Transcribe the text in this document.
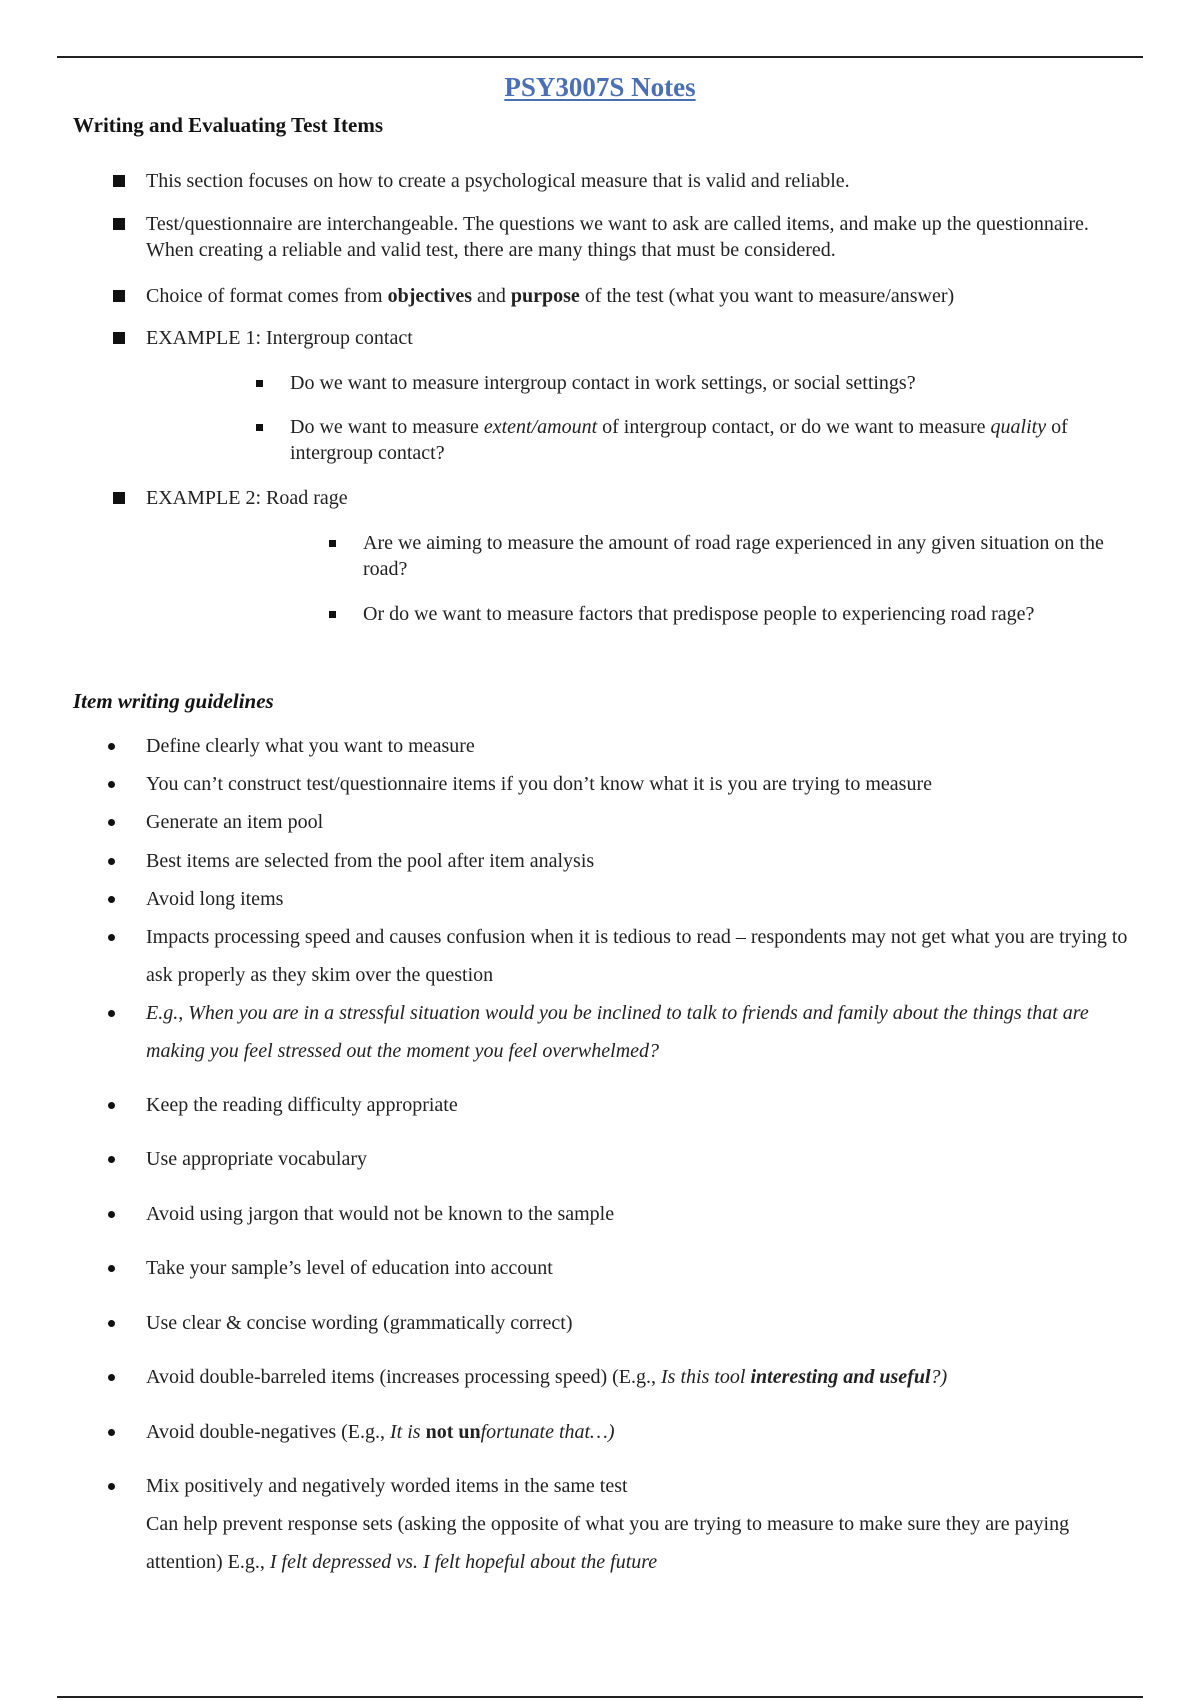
PSY3007S Notes
Writing and Evaluating Test Items
This section focuses on how to create a psychological measure that is valid and reliable.
Test/questionnaire are interchangeable. The questions we want to ask are called items, and make up the questionnaire. When creating a reliable and valid test, there are many things that must be considered.
Choice of format comes from objectives and purpose of the test (what you want to measure/answer)
EXAMPLE 1: Intergroup contact
Do we want to measure intergroup contact in work settings, or social settings?
Do we want to measure extent/amount of intergroup contact, or do we want to measure quality of intergroup contact?
EXAMPLE 2: Road rage
Are we aiming to measure the amount of road rage experienced in any given situation on the road?
Or do we want to measure factors that predispose people to experiencing road rage?
Item writing guidelines
Define clearly what you want to measure
You can’t construct test/questionnaire items if you don’t know what it is you are trying to measure
Generate an item pool
Best items are selected from the pool after item analysis
Avoid long items
Impacts processing speed and causes confusion when it is tedious to read – respondents may not get what you are trying to ask properly as they skim over the question
E.g., When you are in a stressful situation would you be inclined to talk to friends and family about the things that are making you feel stressed out the moment you feel overwhelmed?
Keep the reading difficulty appropriate
Use appropriate vocabulary
Avoid using jargon that would not be known to the sample
Take your sample’s level of education into account
Use clear & concise wording (grammatically correct)
Avoid double-barreled items (increases processing speed) (E.g., Is this tool interesting and useful?)
Avoid double-negatives (E.g., It is not unfortunate that…)
Mix positively and negatively worded items in the same test
Can help prevent response sets (asking the opposite of what you are trying to measure to make sure they are paying attention) E.g., I felt depressed vs. I felt hopeful about the future
